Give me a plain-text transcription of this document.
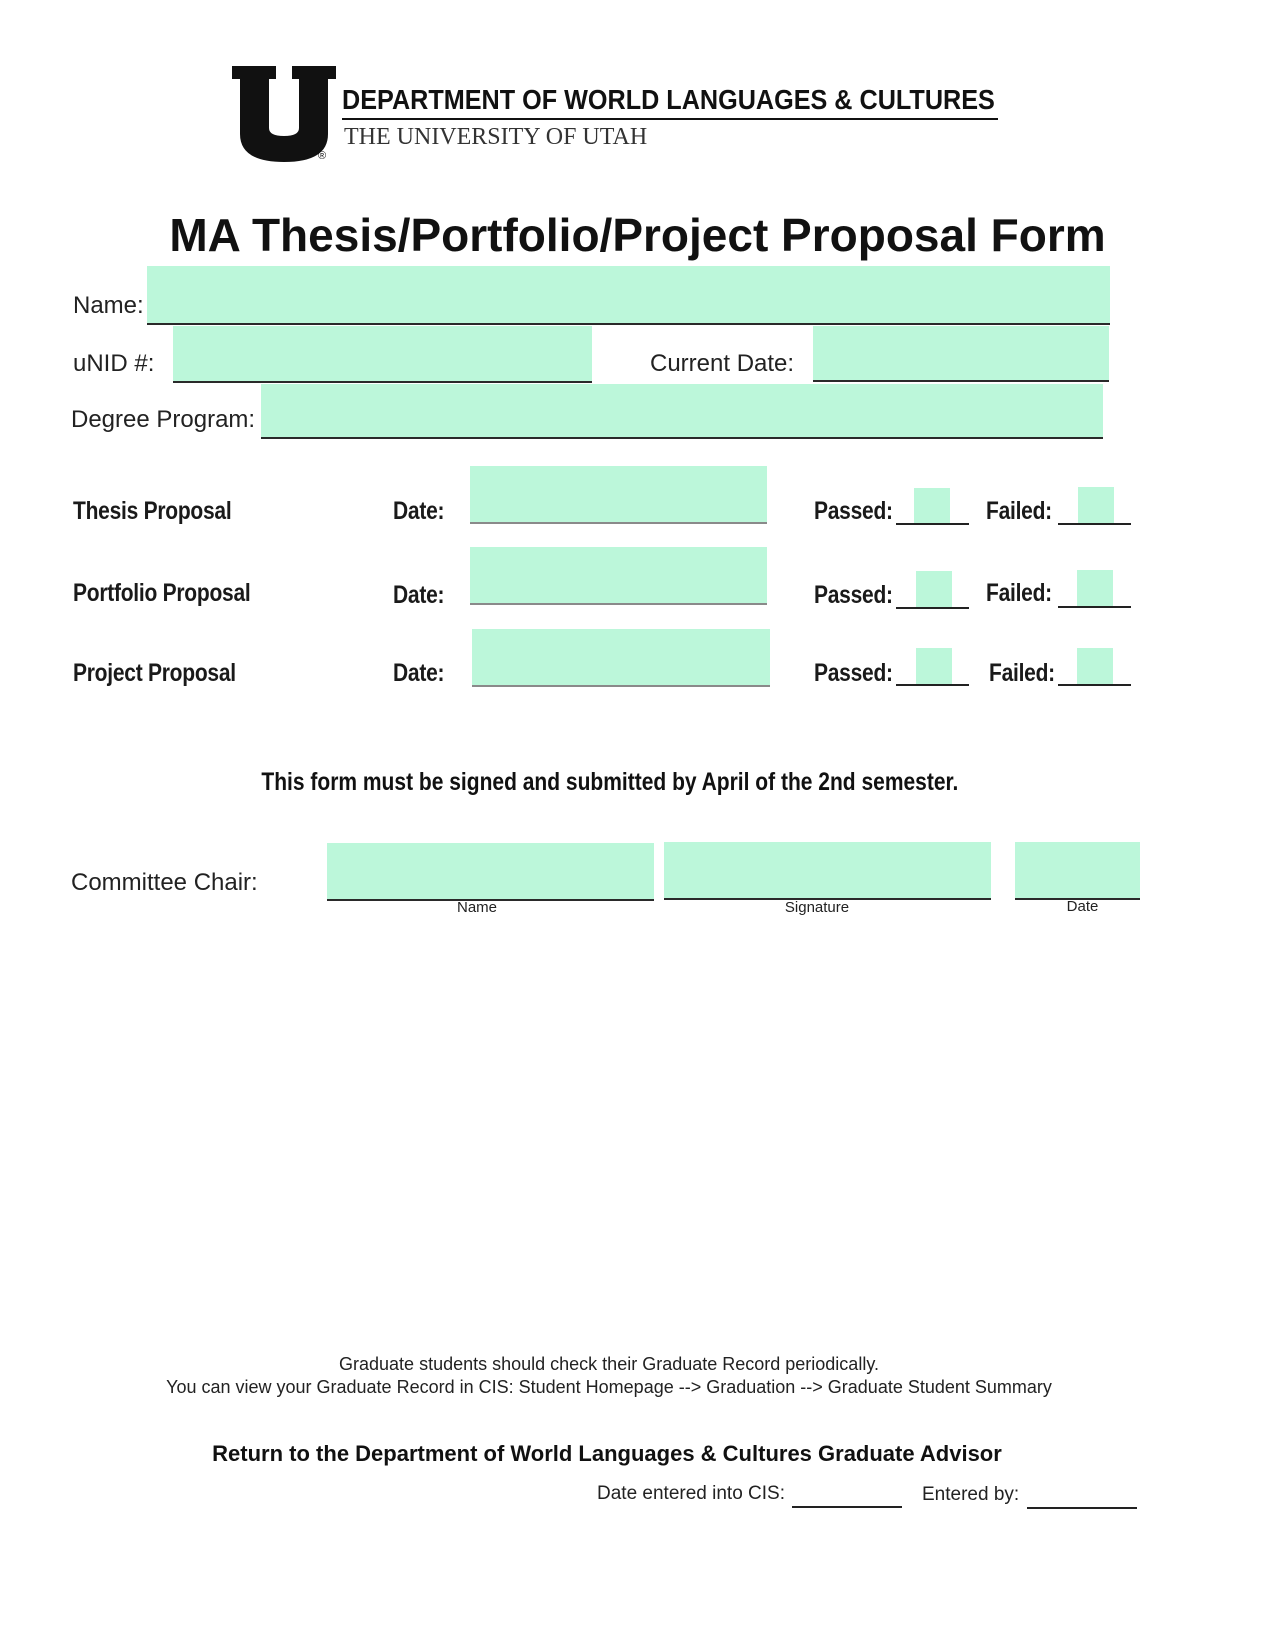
®
DEPARTMENT OF WORLD LANGUAGES & CULTURES
THE UNIVERSITY OF UTAH
MA Thesis/Portfolio/Project Proposal Form
Name:
uNID #:	Current Date:
Degree Program:
Thesis Proposal	Date:	Passed:	Failed:
Portfolio Proposal	Date:	Passed:	Failed:
Project Proposal	Date:	Passed:	Failed:
This form must be signed and submitted by April of the 2nd semester.
Committee Chair:
Name	Signature	Date
Graduate students should check their Graduate Record periodically.
You can view your Graduate Record in CIS: Student Homepage --> Graduation --> Graduate Student Summary
Return to the Department of World Languages & Cultures Graduate Advisor
Date entered into CIS:	Entered by:
